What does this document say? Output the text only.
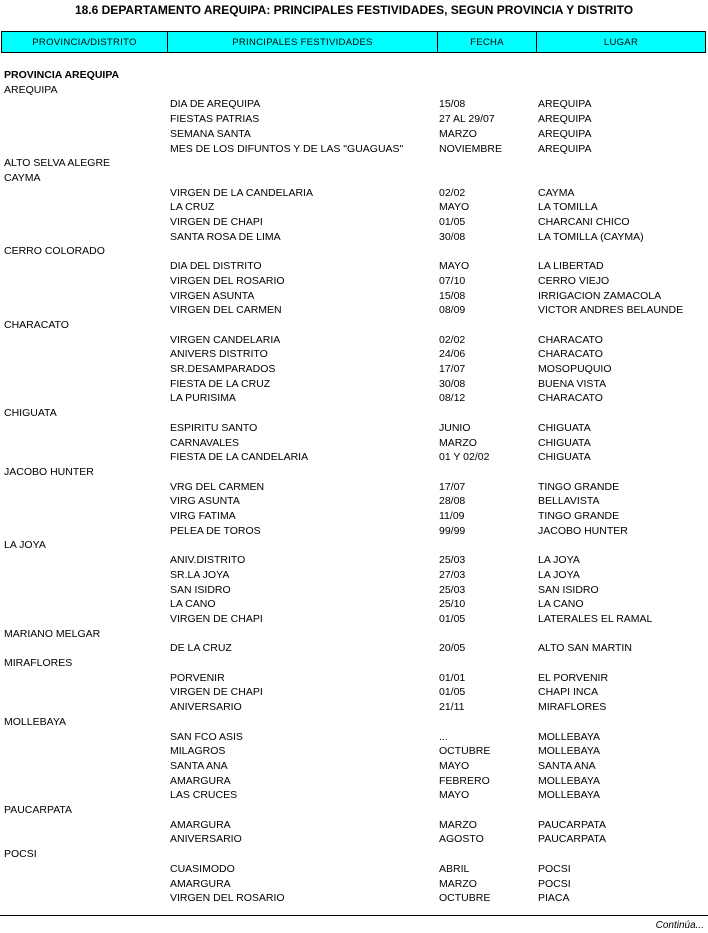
18.6 DEPARTAMENTO AREQUIPA: PRINCIPALES FESTIVIDADES, SEGUN PROVINCIA Y DISTRITO
PROVINCIA/DISTRITO	PRINCIPALES FESTIVIDADES	FECHA	LUGAR
PROVINCIA AREQUIPA
AREQUIPA
DIA DE AREQUIPA	15/08	AREQUIPA
FIESTAS PATRIAS	27 AL 29/07	AREQUIPA
SEMANA SANTA	MARZO	AREQUIPA
MES DE LOS DIFUNTOS Y DE LAS "GUAGUAS"	NOVIEMBRE	AREQUIPA
ALTO SELVA ALEGRE
CAYMA
VIRGEN DE LA CANDELARIA	02/02	CAYMA
LA CRUZ	MAYO	LA TOMILLA
VIRGEN DE CHAPI	01/05	CHARCANI CHICO
SANTA ROSA DE LIMA	30/08	LA TOMILLA (CAYMA)
CERRO COLORADO
DIA DEL DISTRITO	MAYO	LA LIBERTAD
VIRGEN DEL ROSARIO	07/10	CERRO VIEJO
VIRGEN ASUNTA	15/08	IRRIGACION ZAMACOLA
VIRGEN DEL CARMEN	08/09	VICTOR ANDRES BELAUNDE
CHARACATO
VIRGEN CANDELARIA	02/02	CHARACATO
ANIVERS DISTRITO	24/06	CHARACATO
SR.DESAMPARADOS	17/07	MOSOPUQUIO
FIESTA DE LA CRUZ	30/08	BUENA VISTA
LA PURISIMA	08/12	CHARACATO
CHIGUATA
ESPIRITU SANTO	JUNIO	CHIGUATA
CARNAVALES	MARZO	CHIGUATA
FIESTA DE LA CANDELARIA	01 Y 02/02	CHIGUATA
JACOBO HUNTER
VRG DEL CARMEN	17/07	TINGO GRANDE
VIRG ASUNTA	28/08	BELLAVISTA
VIRG FATIMA	11/09	TINGO GRANDE
PELEA DE TOROS	99/99	JACOBO HUNTER
LA JOYA
ANIV.DISTRITO	25/03	LA JOYA
SR.LA JOYA	27/03	LA JOYA
SAN ISIDRO	25/03	SAN ISIDRO
LA CANO	25/10	LA CANO
VIRGEN DE CHAPI	01/05	LATERALES EL RAMAL
MARIANO MELGAR
DE LA CRUZ	20/05	ALTO SAN MARTIN
MIRAFLORES
PORVENIR	01/01	EL PORVENIR
VIRGEN DE CHAPI	01/05	CHAPI INCA
ANIVERSARIO	21/11	MIRAFLORES
MOLLEBAYA
SAN FCO ASIS	...	MOLLEBAYA
MILAGROS	OCTUBRE	MOLLEBAYA
SANTA ANA	MAYO	SANTA ANA
AMARGURA	FEBRERO	MOLLEBAYA
LAS CRUCES	MAYO	MOLLEBAYA
PAUCARPATA
AMARGURA	MARZO	PAUCARPATA
ANIVERSARIO	AGOSTO	PAUCARPATA
POCSI
CUASIMODO	ABRIL	POCSI
AMARGURA	MARZO	POCSI
VIRGEN DEL ROSARIO	OCTUBRE	PIACA
Continúa...
